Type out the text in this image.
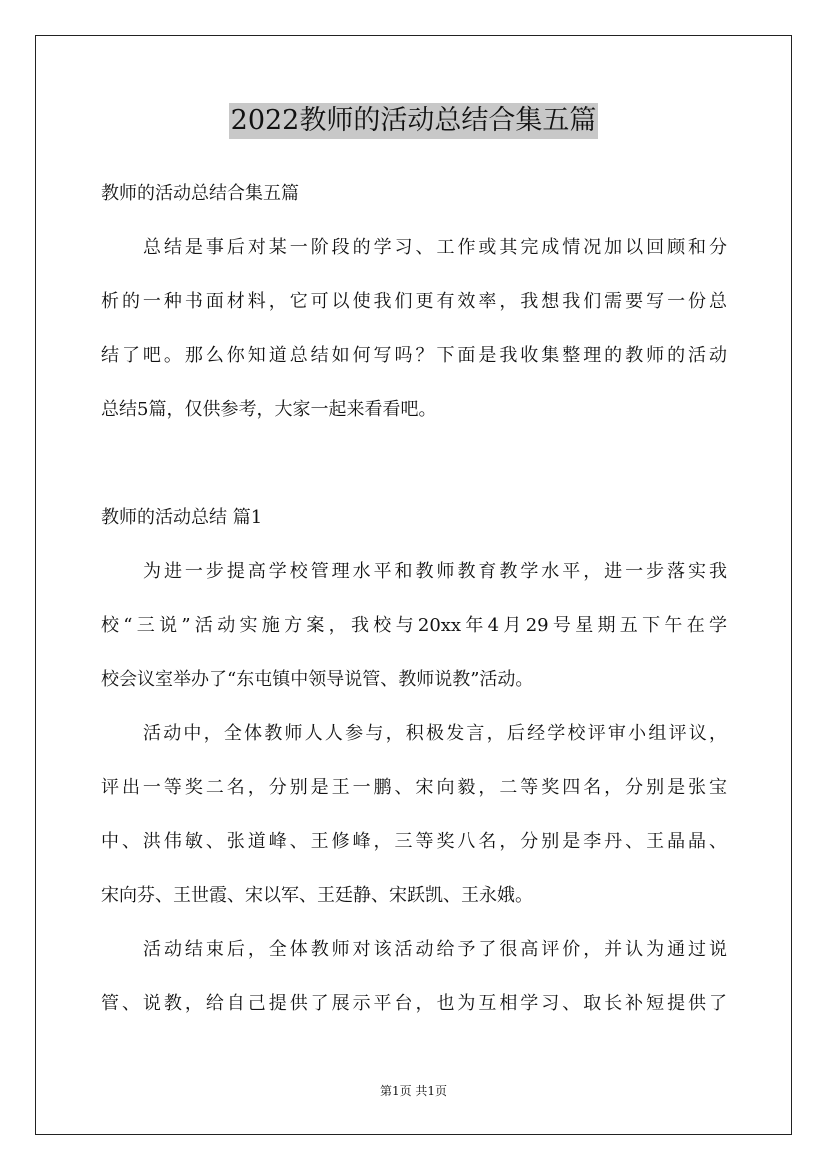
2022教师的活动总结合集五篇
教师的活动总结合集五篇
总结是事后对某一阶段的学习、工作或其完成情况加以回顾和分
析的一种书面材料，它可以使我们更有效率，我想我们需要写一份总
结了吧。那么你知道总结如何写吗？下面是我收集整理的教师的活动
总结5篇，仅供参考，大家一起来看看吧。
教师的活动总结 篇1
为进一步提高学校管理水平和教师教育教学水平，进一步落实我
校“三说”活动实施方案，我校与20xx年4月29号星期五下午在学
校会议室举办了“东屯镇中领导说管、教师说教”活动。
活动中，全体教师人人参与，积极发言，后经学校评审小组评议，
评出一等奖二名，分别是王一鹏、宋向毅，二等奖四名，分别是张宝
中、洪伟敏、张道峰、王修峰，三等奖八名，分别是李丹、王晶晶、
宋向芬、王世霞、宋以军、王廷静、宋跃凯、王永娥。
活动结束后，全体教师对该活动给予了很高评价，并认为通过说
管、说教，给自己提供了展示平台，也为互相学习、取长补短提供了
第1页 共1页
